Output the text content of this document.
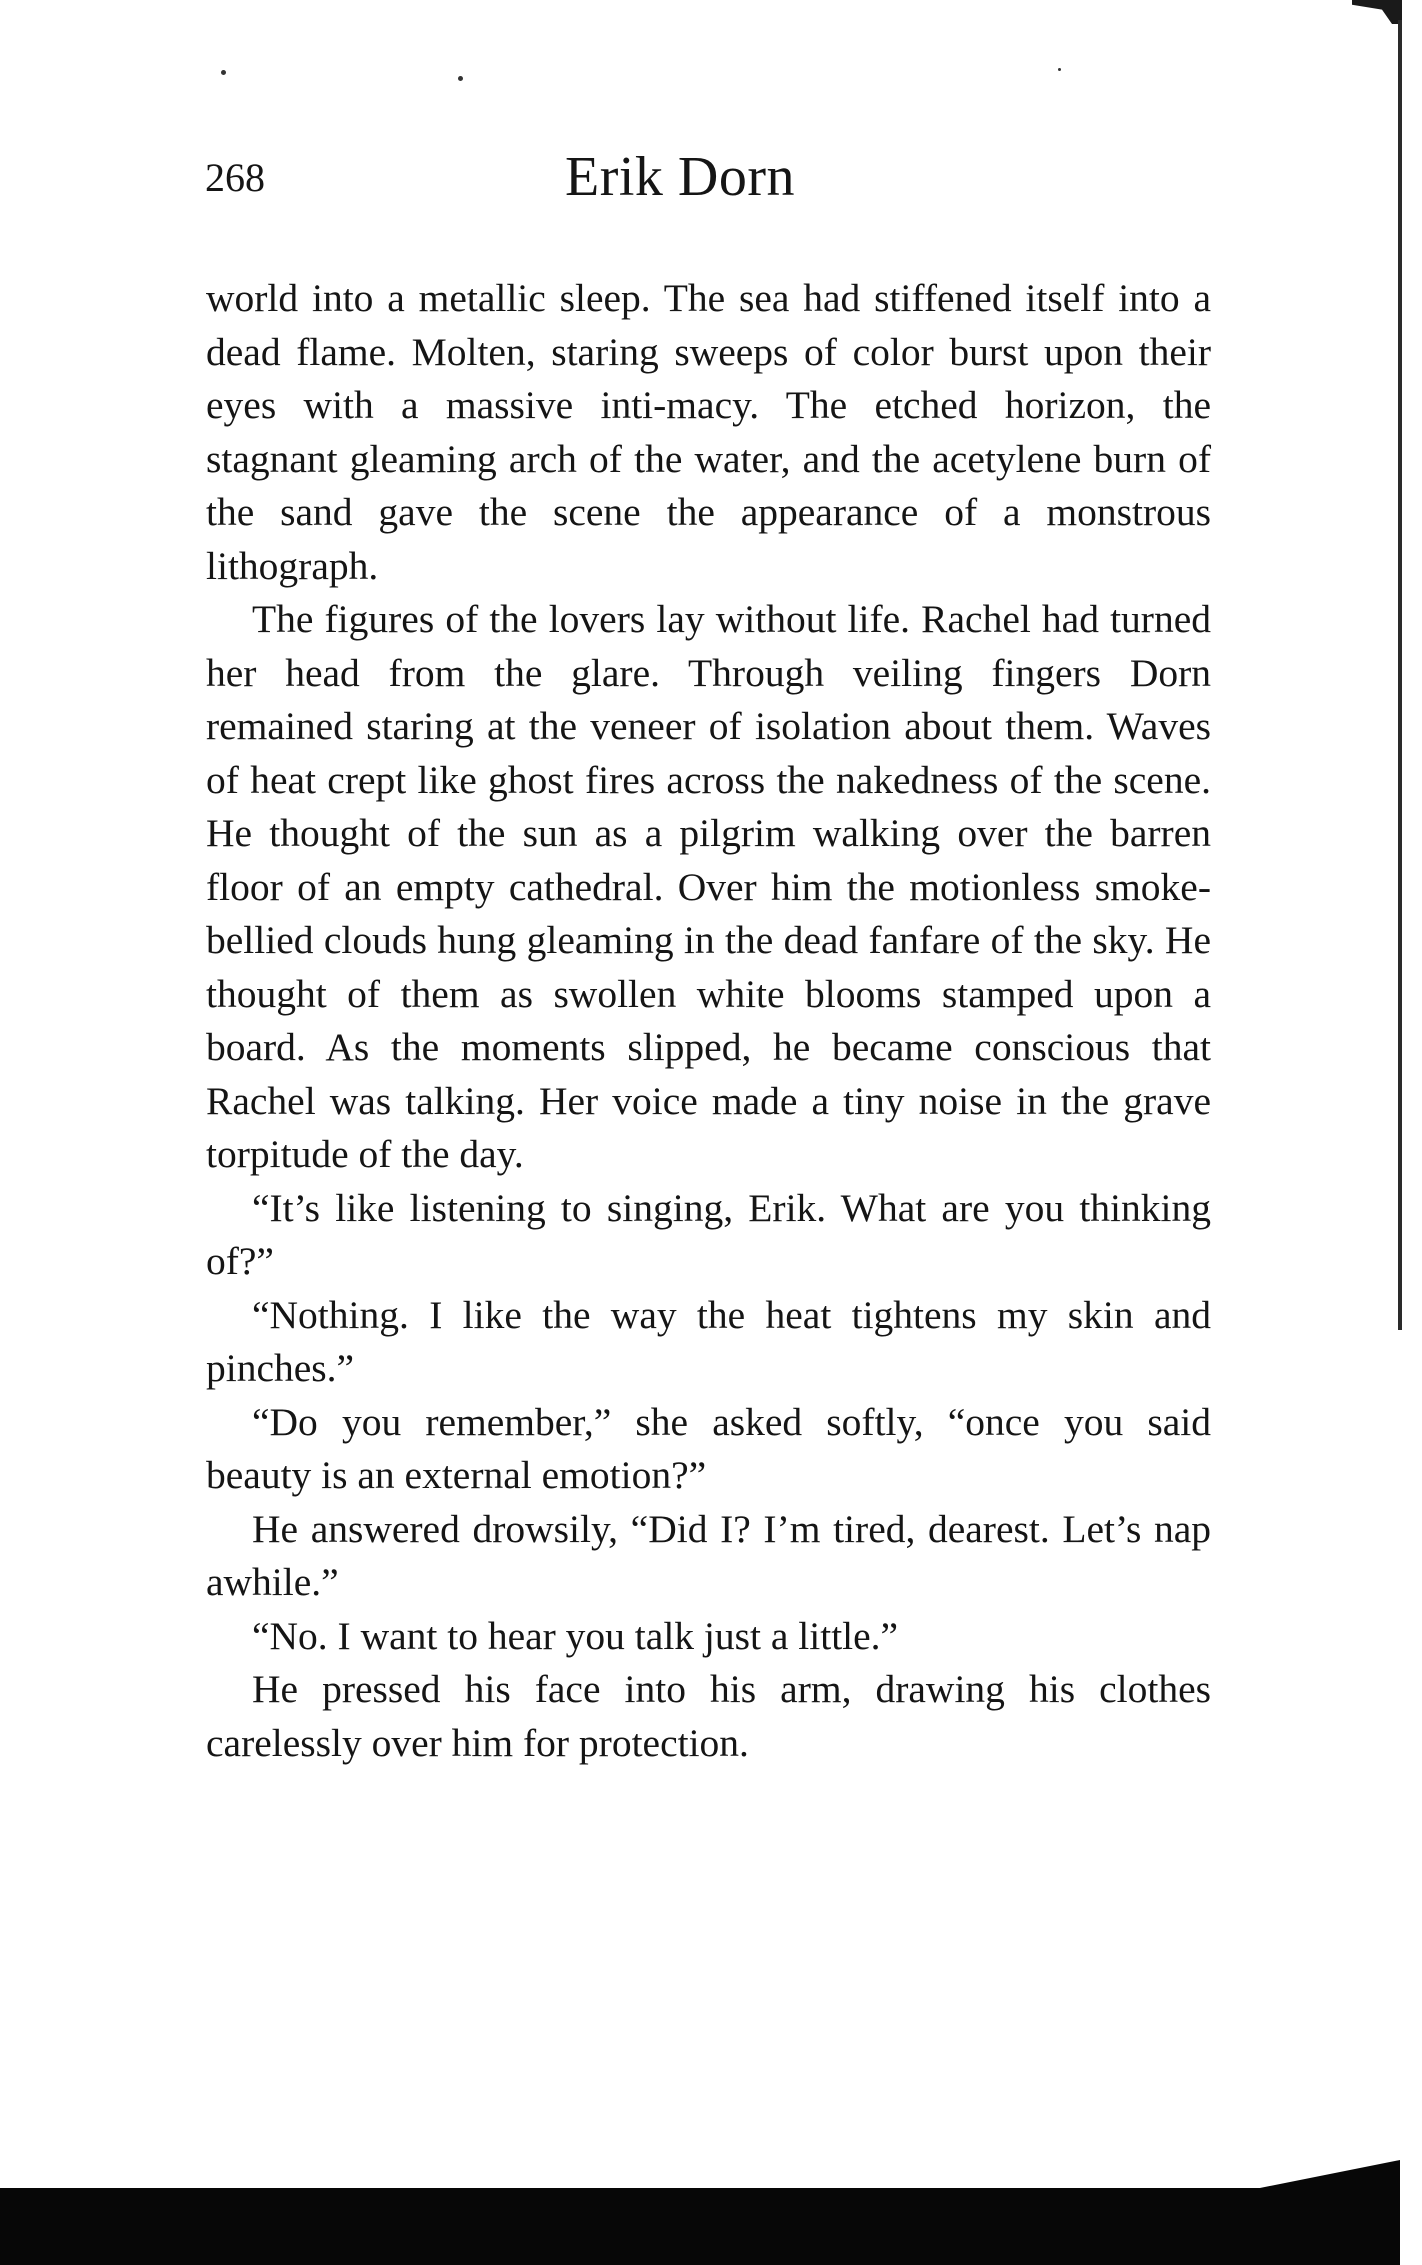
268	Erik Dorn

world into a metallic sleep. The sea had stiffened itself into a dead flame. Molten, staring sweeps of color burst upon their eyes with a massive inti-macy. The etched horizon, the stagnant gleaming arch of the water, and the acetylene burn of the sand gave the scene the appearance of a monstrous lithograph.

The figures of the lovers lay without life. Rachel had turned her head from the glare. Through veiling fingers Dorn remained staring at the veneer of isolation about them. Waves of heat crept like ghost fires across the nakedness of the scene. He thought of the sun as a pilgrim walking over the barren floor of an empty cathedral. Over him the motionless smoke-bellied clouds hung gleaming in the dead fanfare of the sky. He thought of them as swollen white blooms stamped upon a board. As the moments slipped, he became conscious that Rachel was talking. Her voice made a tiny noise in the grave torpitude of the day.

“It’s like listening to singing, Erik. What are you thinking of?”

“Nothing. I like the way the heat tightens my skin and pinches.”

“Do you remember,” she asked softly, “once you said beauty is an external emotion?”

He answered drowsily, “Did I? I’m tired, dearest. Let’s nap awhile.”

“No. I want to hear you talk just a little.”

He pressed his face into his arm, drawing his clothes carelessly over him for protection.
